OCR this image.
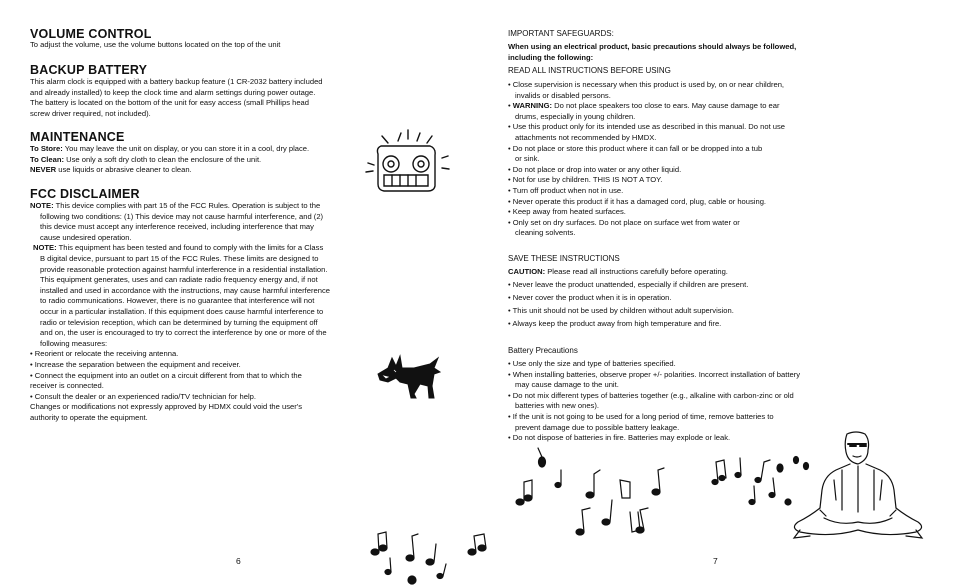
VOLUME CONTROL

To adjust the volume, use the volume buttons located on the top of the unit

BACKUP BATTERY

This alarm clock is equipped with a battery backup feature (1 CR-2032 battery included
and already installed) to keep the clock time and alarm settings during power outage.
The battery is located on the bottom of the unit for easy access (small Phillips head
screw driver required, not included).

MAINTENANCE
To Store: You may leave the unit on display, or you can store it in a cool, dry place.
To Clean: Use only a soft dry cloth to clean the enclosure of the unit.
NEVER use liquids or abrasive cleaner to clean.
FCC DISCLAIMER
NOTE: This device complies with part 15 of the FCC Rules. Operation is subject to the
following two conditions: (1) This device may not cause harmful interference, and (2)
this device must accept any interference received, including interference that may
cause undesired operation.
NOTE: This equipment has been tested and found to comply with the limits for a Class
B digital device, pursuant to part 15 of the FCC Rules. These limits are designed to
provide reasonable protection against harmful interference in a residential installation.
This equipment generates, uses and can radiate radio frequency energy and, if not
installed and used in accordance with the instructions, may cause harmful interference
to radio communications. However, there is no guarantee that interference will not
occur in a particular installation. If this equipment does cause harmful interference to
radio or television reception, which can be determined by turning the equipment off
and on, the user is encouraged to try to correct the interference by one or more of the
following measures:
• Reorient or relocate the receiving antenna.
• Increase the separation between the equipment and receiver.
• Connect the equipment into an outlet on a circuit different from that to which the
receiver is connected.
• Consult the dealer or an experienced radio/TV technician for help.

Changes or modifications not expressly approved by HDMX could void the user's
authority to operate the equipment.

6
IMPORTANT SAFEGUARDS:

When using an electrical product, basic precautions should always be followed,
including the following:

READ ALL INSTRUCTIONS BEFORE USING
• Close supervision is necessary when this product is used by, on or near children,
invalids or disabled persons.
• WARNING: Do not place speakers too close to ears. May cause damage to ear
drums, especially in young children.
• Use this product only for its intended use as described in this manual. Do not use
attachments not recommended by HMDX.
• Do not place or store this product where it can fall or be dropped into a tub
or sink.
• Do not place or drop into water or any other liquid.
• Not for use by children. THIS IS NOT A TOY.
• Turn off product when not in use.
• Never operate this product if it has a damaged cord, plug, cable or housing.
• Keep away from heated surfaces.
• Only set on dry surfaces. Do not place on surface wet from water or
cleaning solvents.
SAVE THESE INSTRUCTIONS
CAUTION: Please read all instructions carefully before operating.
• Never leave the product unattended, especially if children are present.
• Never cover the product when it is in operation.
• This unit should not be used by children without adult supervision.
• Always keep the product away from high temperature and fire.
Battery Precautions
• Use only the size and type of batteries specified.
• When installing batteries, observe proper +/- polarities. Incorrect installation of battery
may cause damage to the unit.
• Do not mix different types of batteries together (e.g., alkaline with carbon-zinc or old
batteries with new ones).
• If the unit is not going to be used for a long period of time, remove batteries to
prevent damage due to possible battery leakage.
• Do not dispose of batteries in fire. Batteries may explode or leak.
7
